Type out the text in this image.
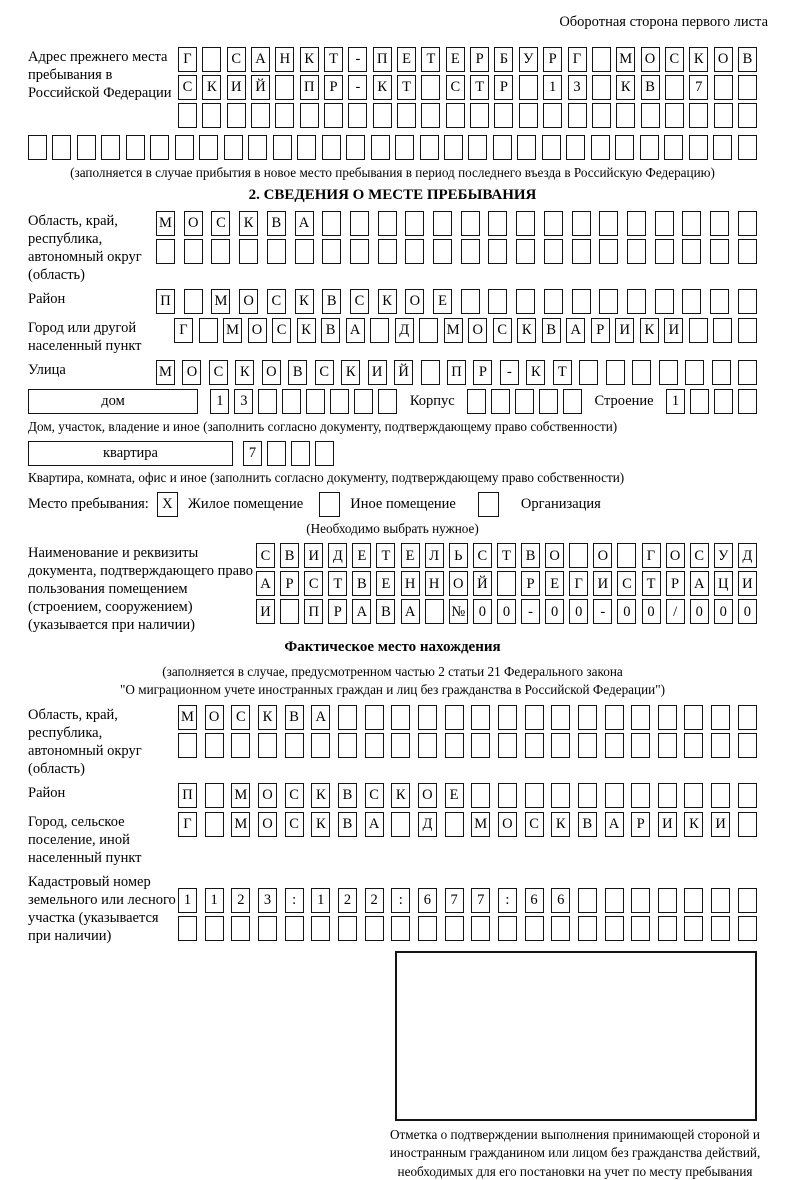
Оборотная сторона первого листа
Адрес прежнего места пребывания в Российской Федерации
Г	С А Н К	Т	-	П	Е	Т	Е	Р	Б	У	Р	Г	М О С	К О В
С	К И Й	П	Р	-	К	Т	С	Т	Р	1	3	К	В	7
(заполняется в случае прибытия в новое место пребывания в период последнего въезда в Российскую Федерацию)
2. СВЕДЕНИЯ О МЕСТЕ ПРЕБЫВАНИЯ
Область, край, республика, автономный округ (область)
М О	С	К	В	А
Район	П	М О	С	К	В	С	К	О	Е
Город или другой населенный пункт
Г	М О С	К	В А	Д	М О С	К	В А	Р	И К И
Улица	М О	С	К	О	В	С	К	И Й	П	Р	-	К	Т
дом	1	3	Корпус	Строение	1
Дом, участок, владение и иное (заполнить согласно документу, подтверждающему право собственности)
квартира	7
Квартира, комната, офис и иное (заполнить согласно документу, подтверждающему право собственности)
Место пребывания: X	Жилое помещение	Иное помещение	Организация
(Необходимо выбрать нужное)
Наименование и реквизиты документа, подтверждающего право пользования помещением (строением, сооружением) (указывается при наличии)
С В И Д	Е	Т	Е	Л	Ь	С	Т	В О	О	Г	О С У Д
А	Р	С	Т	В	Е Н Н О Й	Р	Е	Г	И С	Т	Р	А Ц И
И	П	Р	А В А № 0	0	-	0	0	-	0	0	/	0	0	0
Фактическое место нахождения
(заполняется в случае, предусмотренном частью 2 статьи 21 Федерального закона
"О миграционном учете иностранных граждан и лиц без гражданства в Российской Федерации")
Область, край, республика, автономный округ (область)
М О	С	К	В	А
Район	П	М О	С	К	В	С	К	О	Е
Город, сельское поселение, иной населенный пункт
Г	М О	С	К	В	А	Д	М О	С	К	В	А	Р	И	К	И
Кадастровый номер земельного или лесного участка (указывается при наличии)
1	1	2	3	:	1	2	2	:	6	7	7	:	6	6
Отметка о подтверждении выполнения принимающей стороной и иностранным гражданином или лицом без гражданства действий, необходимых для его постановки на учет по месту пребывания
